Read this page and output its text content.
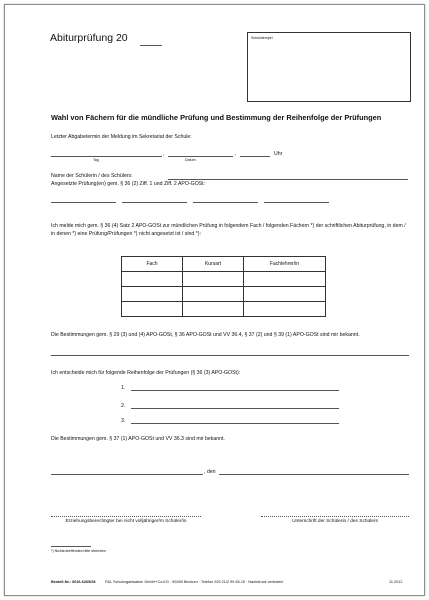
Abiturprüfung 20	Schulstempel
Wahl von Fächern für die mündliche Prüfung und Bestimmung der Reihenfolge der Prüfungen
Letzter Abgabetermin der Meldung im Sekretariat der Schule:
,	,	Uhr
Tag	Datum
Name der Schülerin / des Schülers:
Angesetzte Prüfung(en) gem. § 36 (2) Ziff. 1 und Ziff. 2 APO-GOSt:
Ich melde mich gem. § 36 (4) Satz 2 APO-GOSt zur mündlichen Prüfung in folgendem Fach / folgenden Fächern *) der schriftlichen Abiturprüfung, in dem / in denen *) eine Prüfung/Prüfungen *) nicht angesetzt ist / sind *):
Fach	Kursart	Fachlehrer/in

Die Bestimmungen gem. § 29 (3) und (4) APO-GOSt, § 36 APO-GOSt und VV 36.4, § 37 (2) und § 39 (1) APO-GOSt sind mir bekannt.
Ich entscheide mich für folgende Reihenfolge der Prüfungen (§ 36 (3) APO-GOSt):
1.
2.
3.
Die Bestimmungen gem. § 37 (1) APO-GOSt und VV 36.3 sind mir bekannt.
, den
Erziehungsberechtigter bei nicht volljähriger/m Schüler/in	Unterschrift der Schülerin / des Schülers
*) Nichtzutreffendes bitte streichen
Bestell-Nr.: 0616-6265/28 P&L Schulorganisation GmbH+Co.KG · 59269 Beckum · Telefon 025 21/2 99 65-15 · Nachdruck verboten!	11.2012
